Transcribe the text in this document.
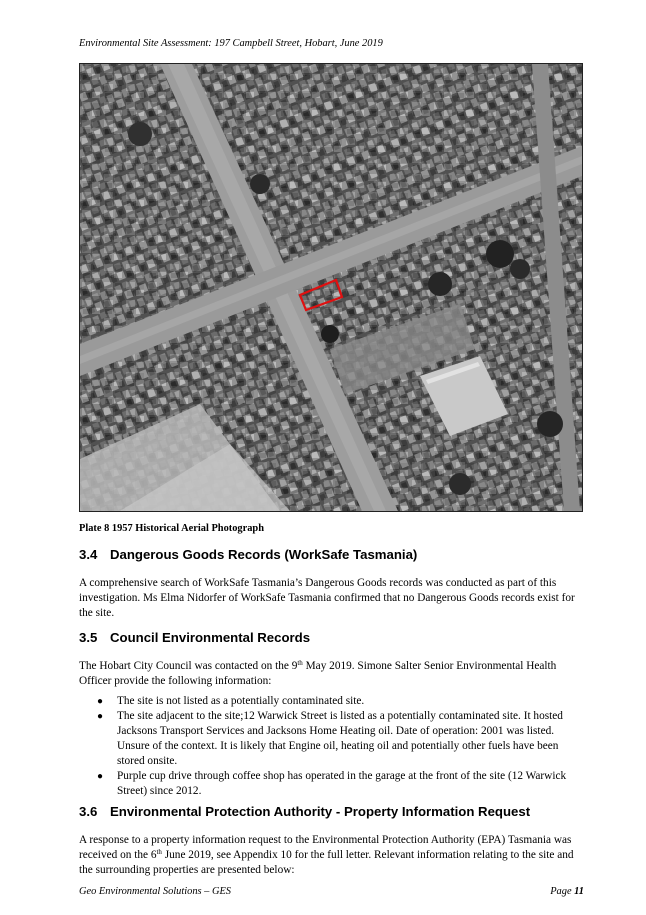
Environmental Site Assessment: 197 Campbell Street, Hobart, June 2019
Plate 8 1957 Historical Aerial Photograph
3.4 Dangerous Goods Records (WorkSafe Tasmania)

A comprehensive search of WorkSafe Tasmania’s Dangerous Goods records was conducted as part of this investigation. Ms Elma Nidorfer of WorkSafe Tasmania confirmed that no Dangerous Goods records exist for the site.

3.5 Council Environmental Records

The Hobart City Council was contacted on the 9th May 2019. Simone Salter Senior Environmental Health Officer provide the following information:

● The site is not listed as a potentially contaminated site.
● The site adjacent to the site;12 Warwick Street is listed as a potentially contaminated site. It hosted Jacksons Transport Services and Jacksons Home Heating oil. Date of operation: 2001 was listed. Unsure of the context. It is likely that Engine oil, heating oil and potentially other fuels have been stored onsite.
● Purple cup drive through coffee shop has operated in the garage at the front of the site (12 Warwick Street) since 2012.
3.6 Environmental Protection Authority - Property Information Request

A response to a property information request to the Environmental Protection Authority (EPA) Tasmania was received on the 6th June 2019, see Appendix 10 for the full letter. Relevant information relating to the site and the surrounding properties are presented below:

Geo Environmental Solutions – GES	Page 11
